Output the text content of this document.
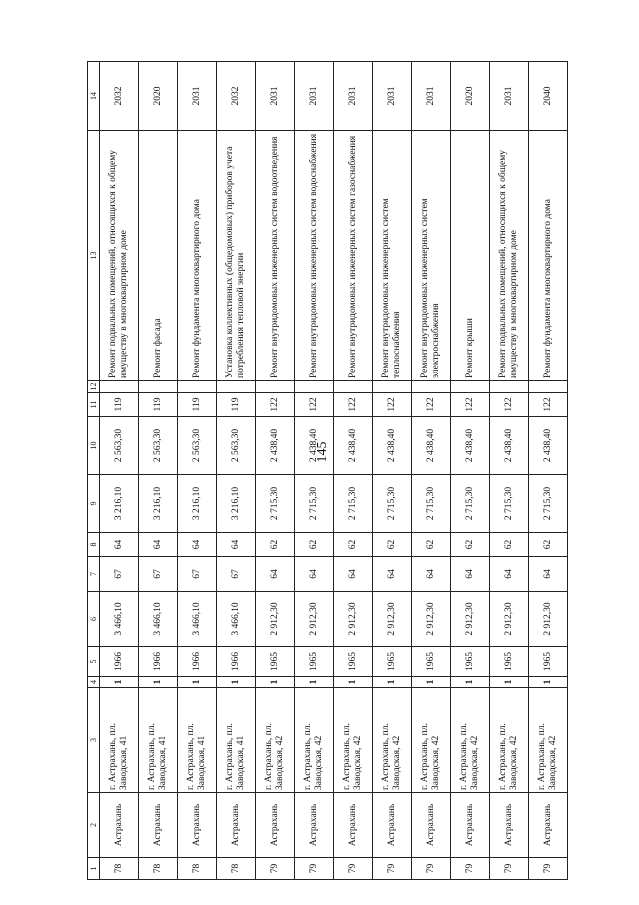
145
1	2	3	4	5	6	7	8	9	10	11	12	13	14
78	Астрахань	г. Астрахань, пл. Заводская, 41	1	1966	3 466,10	67	64	3 216,10	2 563,30	119		Ремонт подвальных помещений, относящихся к общему имуществу в многоквартирном доме	2032
78	Астрахань	г. Астрахань, пл. Заводская, 41	1	1966	3 466,10	67	64	3 216,10	2 563,30	119		Ремонт фасада	2020
78	Астрахань	г. Астрахань, пл. Заводская, 41	1	1966	3 466,10	67	64	3 216,10	2 563,30	119		Ремонт фундамента многоквартирного дома	2031
78	Астрахань	г. Астрахань, пл. Заводская, 41	1	1966	3 466,10	67	64	3 216,10	2 563,30	119		Установка коллективных (общедомовых) приборов учета потребления тепловой энергии	2032
79	Астрахань	г. Астрахань, пл. Заводская, 42	1	1965	2 912,30	64	62	2 715,30	2 438,40	122		Ремонт внутридомовых инженерных систем водоотведения	2031
79	Астрахань	г. Астрахань, пл. Заводская, 42	1	1965	2 912,30	64	62	2 715,30	2 438,40	122		Ремонт внутридомовых инженерных систем водоснабжения	2031
79	Астрахань	г. Астрахань, пл. Заводская, 42	1	1965	2 912,30	64	62	2 715,30	2 438,40	122		Ремонт внутридомовых инженерных систем газоснабжения	2031
79	Астрахань	г. Астрахань, пл. Заводская, 42	1	1965	2 912,30	64	62	2 715,30	2 438,40	122		Ремонт внутридомовых инженерных систем теплоснабжения	2031
79	Астрахань	г. Астрахань, пл. Заводская, 42	1	1965	2 912,30	64	62	2 715,30	2 438,40	122		Ремонт внутридомовых инженерных систем электроснабжения	2031
79	Астрахань	г. Астрахань, пл. Заводская, 42	1	1965	2 912,30	64	62	2 715,30	2 438,40	122		Ремонт крыши	2020
79	Астрахань	г. Астрахань, пл. Заводская, 42	1	1965	2 912,30	64	62	2 715,30	2 438,40	122		Ремонт подвальных помещений, относящихся к общему имуществу в многоквартирном доме	2031
79	Астрахань	г. Астрахань, пл. Заводская, 42	1	1965	2 912,30	64	62	2 715,30	2 438,40	122		Ремонт фундамента многоквартирного дома	2040
